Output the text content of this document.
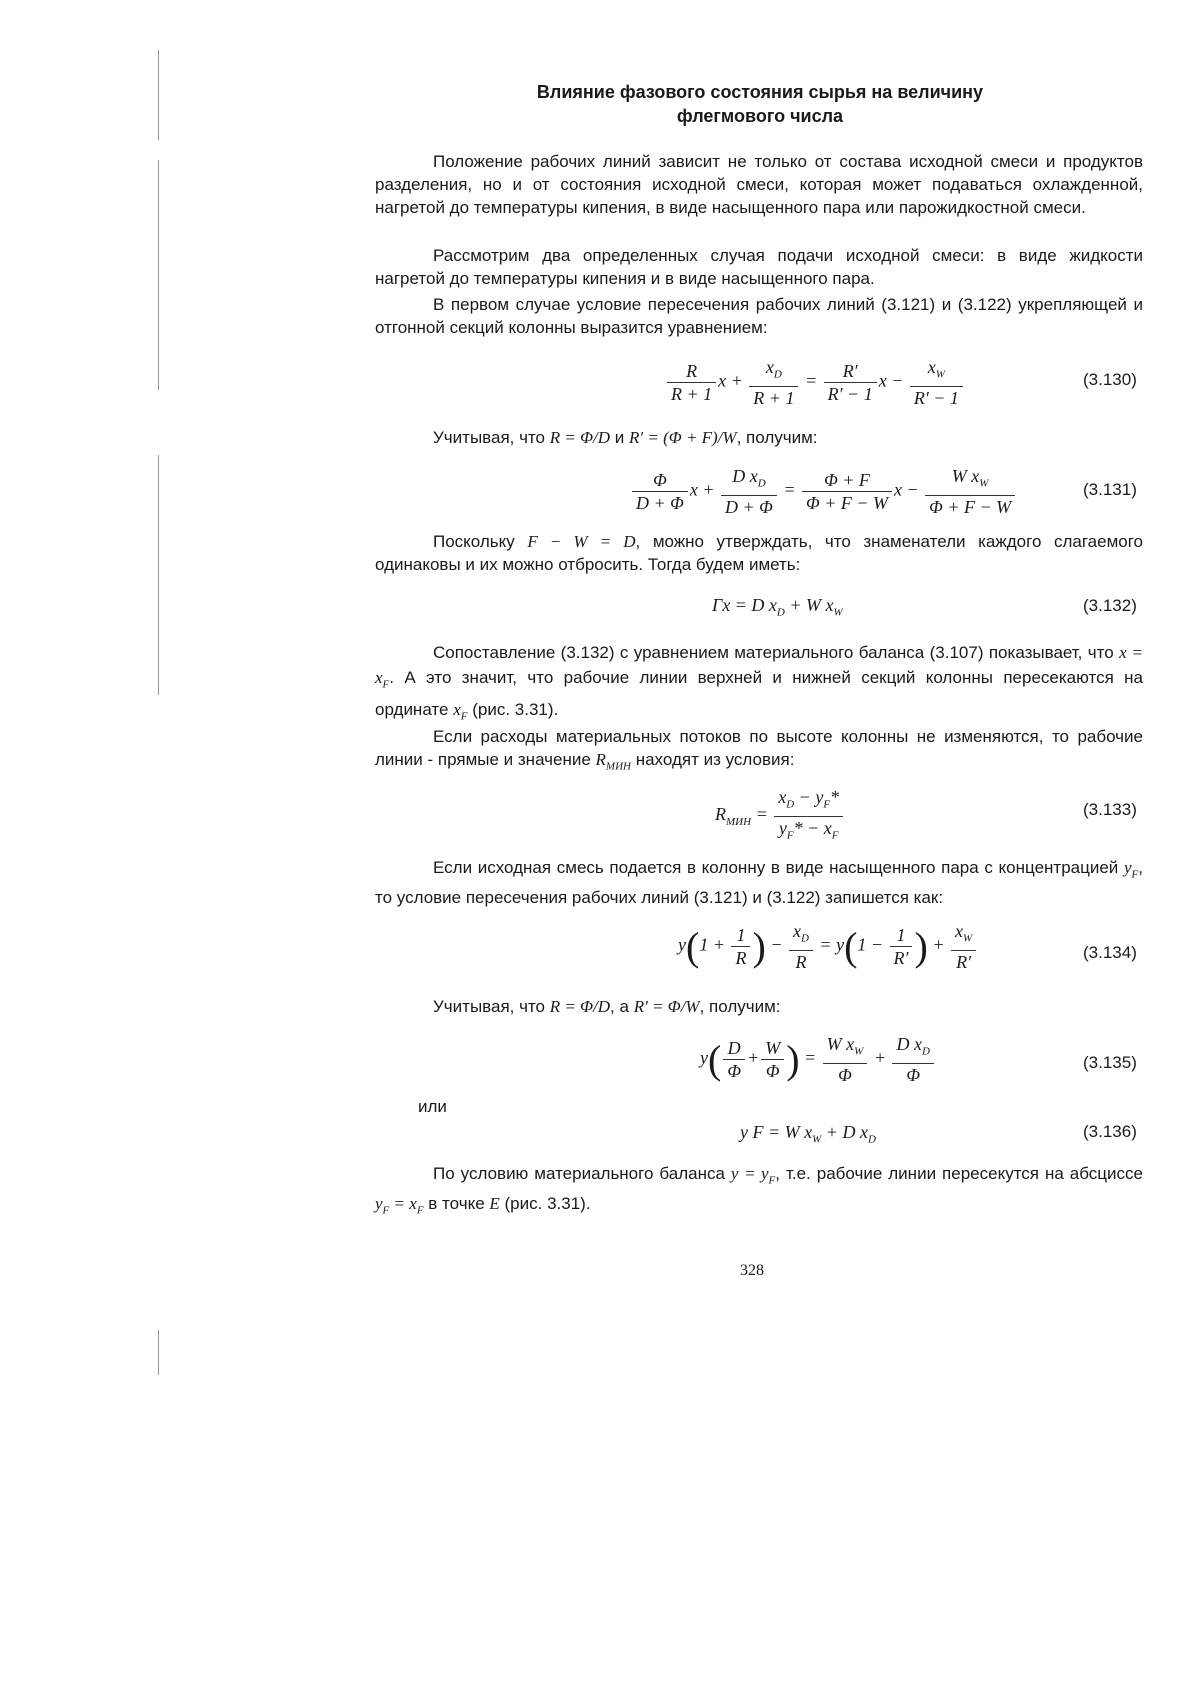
Влияние фазового состояния сырья на величину
флегмового числа
Положение рабочих линий зависит не только от состава исходной смеси и продуктов разделения, но и от состояния исходной смеси, которая может подаваться охлажденной, нагретой до температуры кипения, в виде насыщенного пара или парожидкостной смеси.
Рассмотрим два определенных случая подачи исходной смеси: в виде жидкости нагретой до температуры кипения и в виде насыщенного пара.
В первом случае условие пересечения рабочих линий (3.121) и (3.122) укрепляющей и отгонной секций колонны выразится уравнением:
$\frac{R}{R + 1}$ $x + \frac{x_D}{R + 1} = \frac{R'}{R' - 1}$ $x - \frac{x_W}{R' - 1}$	(3.130)
Учитывая, что R = Φ/D и R′ = (Φ + F)/W, получим:
$\frac{\Phi}{D + \Phi}$ $x + \frac{D x_D}{D + \Phi} = \frac{\Phi + F}{\Phi + F - W}$ $x - \frac{W x_W}{\Phi + F - W}$	(3.131)
Поскольку F − W = D, можно утверждать, что знаменатели каждого слагаемого одинаковы и их можно отбросить. Тогда будем иметь:
Гx = D $x_D + W$ $x_W$	(3.132)
Сопоставление (3.132) с уравнением материального баланса (3.107) показывает, что $x = x_F$. А это значит, что рабочие линии верхней и нижней секций колонны пересекаются на ординате $x_F$ (рис. 3.31).
Если расходы материальных потоков по высоте колонны не изменяются, то рабочие линии - прямые и значение $R_{МИН}$ находят из условия:
$R_{МИН} = \frac{x_D - y_F*}{y_F* - x_F}$	(3.133)
Если исходная смесь подается в колонну в виде насыщенного пара с концентрацией $y_F$, то условие пересечения рабочих линий (3.121) и (3.122) запишется как:
$y(1 + \frac{1}{R}$ ) − $\frac{x_D}{R} = y(1 - \frac{1}{R'}$ ) + $\frac{x_W}{R'}$	(3.134)
Учитывая, что R = Φ/D, а R′ = Φ/W, получим:
$y( \frac{D}{\Phi} + \frac{W}{\Phi}$ ) = $\frac{W x_W}{\Phi} + \frac{D x_D}{\Phi}$	(3.135)
или
y F = W $x_W + D$ $x_D$	(3.136)
По условию материального баланса $y = y_F$, т.е. рабочие линии пересекутся на абсциссе $y_F = x_F$ в точке E (рис. 3.31).
328
